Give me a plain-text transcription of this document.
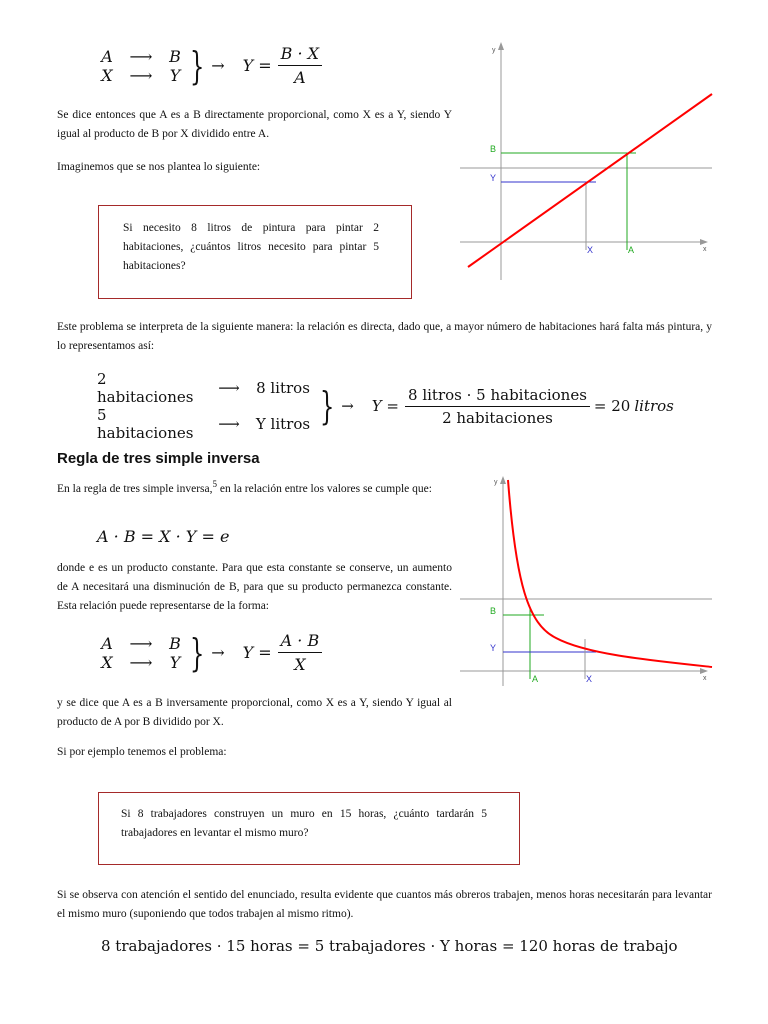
A	⟶	B
X	⟶	Y } → $Y = \frac{B \cdot X}{A}$

Se dice entonces que A es a B directamente proporcional, como X es a Y, siendo Y igual al producto de B por X dividido entre A.

Imaginemos que se nos plantea lo siguiente:

Si necesito 8 litros de pintura para pintar 2 habitaciones, ¿cuántos litros necesito para pintar 5 habitaciones?
y
x
B
Y
X	A

Este problema se interpreta de la siguiente manera: la relación es directa, dado que, a mayor número de habitaciones hará falta más pintura, y lo representamos así:

2 habitaciones	⟶	8 litros
5 habitaciones	⟶	Y litros } → $Y = \frac{\text{8 litros · 5 habitaciones}}{\text{2 habitaciones}} = 20$ litros
Regla de tres simple inversa

En la regla de tres simple inversa,$^5$ en la relación entre los valores se cumple que:

A · B = X · Y = e

donde e es un producto constante. Para que esta constante se conserve, un aumento de A necesitará una disminución de B, para que su producto permanezca constante. Esta relación puede representarse de la forma:

A	⟶	B
X	⟶	Y } → $Y = \frac{A \cdot B}{X}$
y
x
B
Y
A	X

y se dice que A es a B inversamente proporcional, como X es a Y, siendo Y igual al producto de A por B dividido por X.

Si por ejemplo tenemos el problema:

Si 8 trabajadores construyen un muro en 15 horas, ¿cuánto tardarán 5 trabajadores en levantar el mismo muro?

Si se observa con atención el sentido del enunciado, resulta evidente que cuantos más obreros trabajen, menos horas necesitarán para levantar el mismo muro (suponiendo que todos trabajen al mismo ritmo).

8 trabajadores · 15 horas = 5 trabajadores · Y horas = 120 horas de trabajo
